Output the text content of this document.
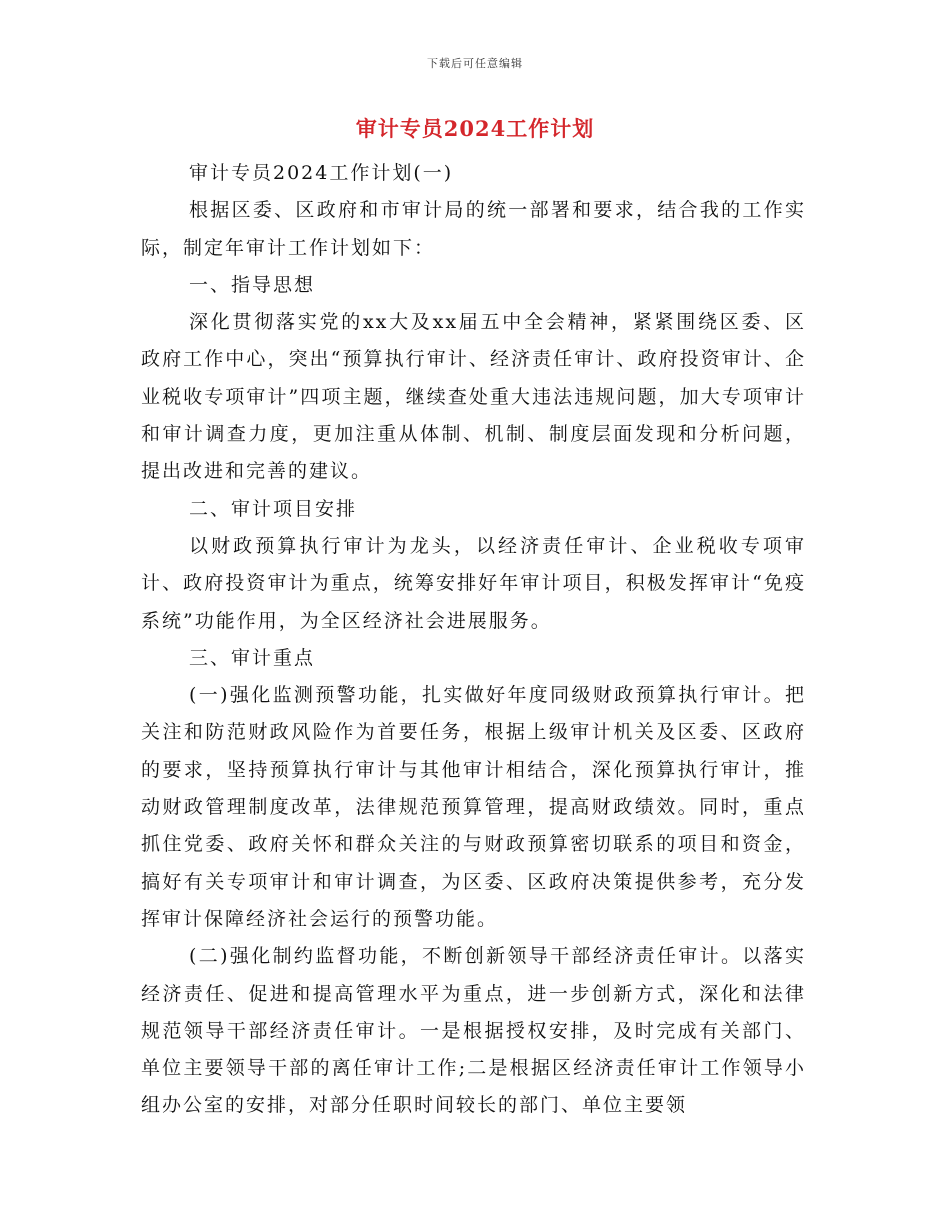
下载后可任意编辑
审计专员2024工作计划

审计专员2024工作计划(一)

根据区委、区政府和市审计局的统一部署和要求，结合我的工作实际，制定年审计工作计划如下：

一、指导思想

深化贯彻落实党的xx大及xx届五中全会精神，紧紧围绕区委、区政府工作中心，突出“预算执行审计、经济责任审计、政府投资审计、企业税收专项审计”四项主题，继续查处重大违法违规问题，加大专项审计和审计调查力度，更加注重从体制、机制、制度层面发现和分析问题，提出改进和完善的建议。

二、审计项目安排

以财政预算执行审计为龙头，以经济责任审计、企业税收专项审计、政府投资审计为重点，统筹安排好年审计项目，积极发挥审计“免疫系统”功能作用，为全区经济社会进展服务。

三、审计重点

(一)强化监测预警功能，扎实做好年度同级财政预算执行审计。把关注和防范财政风险作为首要任务，根据上级审计机关及区委、区政府的要求，坚持预算执行审计与其他审计相结合，深化预算执行审计，推动财政管理制度改革，法律规范预算管理，提高财政绩效。同时，重点抓住党委、政府关怀和群众关注的与财政预算密切联系的项目和资金，搞好有关专项审计和审计调查，为区委、区政府决策提供参考，充分发挥审计保障经济社会运行的预警功能。

(二)强化制约监督功能，不断创新领导干部经济责任审计。以落实经济责任、促进和提高管理水平为重点，进一步创新方式，深化和法律规范领导干部经济责任审计。一是根据授权安排，及时完成有关部门、单位主要领导干部的离任审计工作;二是根据区经济责任审计工作领导小组办公室的安排，对部分任职时间较长的部门、单位主要领
